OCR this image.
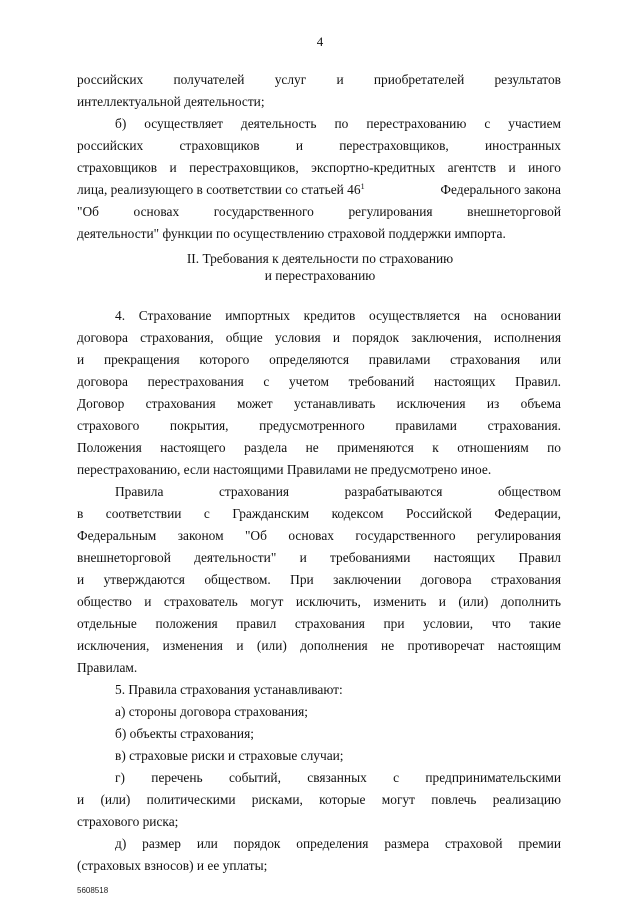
4
российских получателей услуг и приобретателей результатов
интеллектуальной деятельности;
б) осуществляет деятельность по перестрахованию с участием
российских страховщиков и перестраховщиков, иностранных
страховщиков и перестраховщиков, экспортно-кредитных агентств и иного
лица, реализующего в соответствии со статьей $46^1$	Федерального закона
"Об основах государственного регулирования внешнеторговой
деятельности" функции по осуществлению страховой поддержки импорта.
II. Требования к деятельности по страхованию
и перестрахованию
4. Страхование импортных кредитов осуществляется на основании
договора страхования, общие условия и порядок заключения, исполнения
и прекращения которого определяются правилами страхования или
договора перестрахования с учетом требований настоящих Правил.
Договор страхования может устанавливать исключения из объема
страхового покрытия, предусмотренного правилами страхования.
Положения настоящего раздела не применяются к отношениям по
перестрахованию, если настоящими Правилами не предусмотрено иное.
Правила страхования разрабатываются обществом
в соответствии с Гражданским кодексом Российской Федерации,
Федеральным законом "Об основах государственного регулирования
внешнеторговой деятельности" и требованиями настоящих Правил
и утверждаются обществом. При заключении договора страхования
общество и страхователь могут исключить, изменить и (или) дополнить
отдельные положения правил страхования при условии, что такие
исключения, изменения и (или) дополнения не противоречат настоящим
Правилам.
5. Правила страхования устанавливают:
а) стороны договора страхования;
б) объекты страхования;
в) страховые риски и страховые случаи;
г) перечень событий, связанных с предпринимательскими
и (или) политическими рисками, которые могут повлечь реализацию
страхового риска;
д) размер или порядок определения размера страховой премии
(страховых взносов) и ее уплаты;
5608518
